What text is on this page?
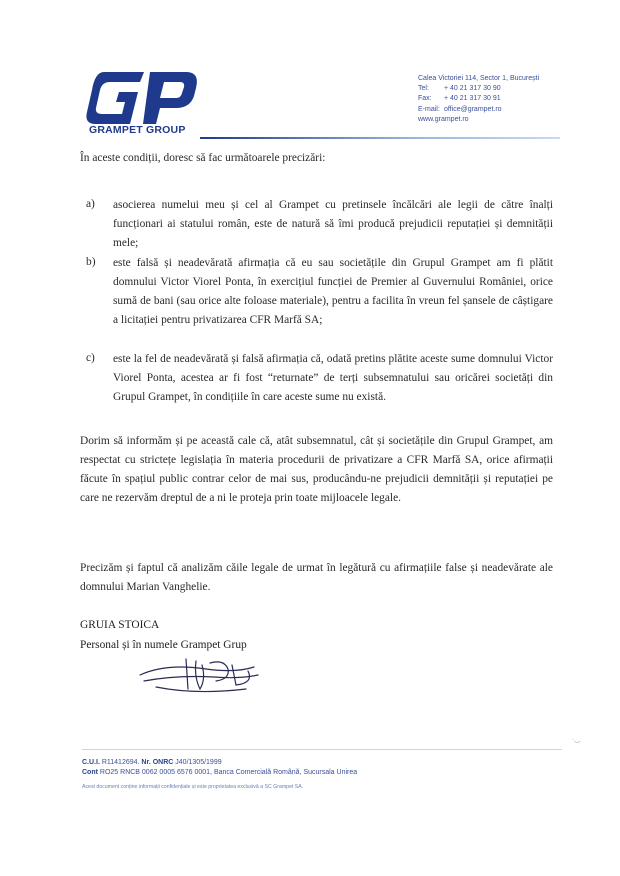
GRAMPET GROUP
Calea Victoriei 114, Sector 1, București
Tel: + 40 21 317 30 90
Fax: + 40 21 317 30 91
E-mail: office@grampet.ro
www.grampet.ro
În aceste condiții, doresc să fac următoarele precizări:
a) asocierea numelui meu și cel al Grampet cu pretinsele încălcări ale legii de către înalți funcționari ai statului român, este de natură să îmi producă prejudicii reputației și demnității mele;
b) este falsă și neadevărată afirmația că eu sau societățile din Grupul Grampet am fi plătit domnului Victor Viorel Ponta, în exercițiul funcției de Premier al Guvernului României, orice sumă de bani (sau orice alte foloase materiale), pentru a facilita în vreun fel șansele de câștigare a licitației pentru privatizarea CFR Marfă SA;
c) este la fel de neadevărată și falsă afirmația că, odată pretins plătite aceste sume domnului Victor Viorel Ponta, acestea ar fi fost “returnate” de terți subsemnatului sau oricărei societăți din Grupul Grampet, în condițiile în care aceste sume nu există.
Dorim să informăm și pe această cale că, atât subsemnatul, cât și societățile din Grupul Grampet, am respectat cu strictețe legislația în materia procedurii de privatizare a CFR Marfă SA, orice afirmații făcute în spațiul public contrar celor de mai sus, producându-ne prejudicii demnității și reputației pe care ne rezervăm dreptul de a ni le proteja prin toate mijloacele legale.
Precizăm și faptul că analizăm căile legale de urmat în legătură cu afirmațiile false și neadevărate ale domnului Marian Vanghelie.
GRUIA STOICA
Personal și în numele Grampet Grup
·‿
C.U.I. R11412694. Nr. ONRC J40/1305/1999
Cont RO25 RNCB 0062 0005 6576 0001, Banca Comercială Română, Sucursala Unirea
Acest document conține informații confidențiale și este proprietatea exclusivă a SC Grampet SA.
